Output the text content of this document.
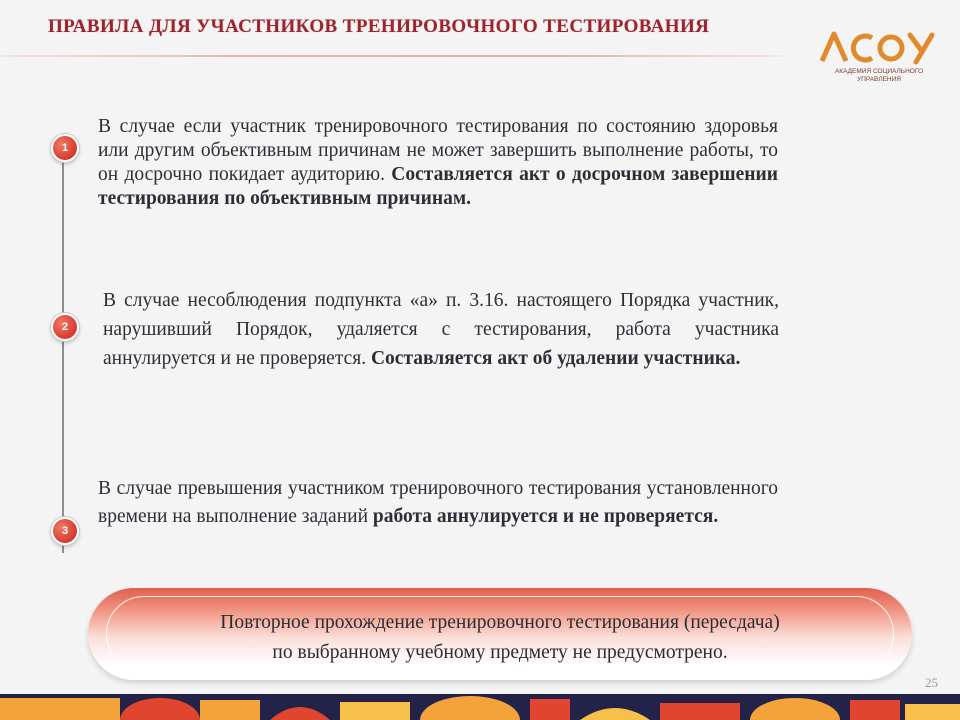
ПРАВИЛА ДЛЯ УЧАСТНИКОВ ТРЕНИРОВОЧНОГО ТЕСТИРОВАНИЯ
АКАДЕМИЯ СОЦИАЛЬНОГО УПРАВЛЕНИЯ
1
2
3
В случае если участник тренировочного тестирования по состоянию здоровья или другим объективным причинам не может завершить выполнение работы, то он досрочно покидает аудиторию. Составляется акт о досрочном завершении тестирования по объективным причинам.
В случае несоблюдения подпункта «а» п. 3.16. настоящего Порядка участник, нарушивший Порядок, удаляется с тестирования, работа участника аннулируется и не проверяется. Составляется акт об удалении участника.
В случае превышения участником тренировочного тестирования установленного времени на выполнение заданий работа аннулируется и не проверяется.
Повторное прохождение тренировочного тестирования (пересдача)
по выбранному учебному предмету не предусмотрено.
25
